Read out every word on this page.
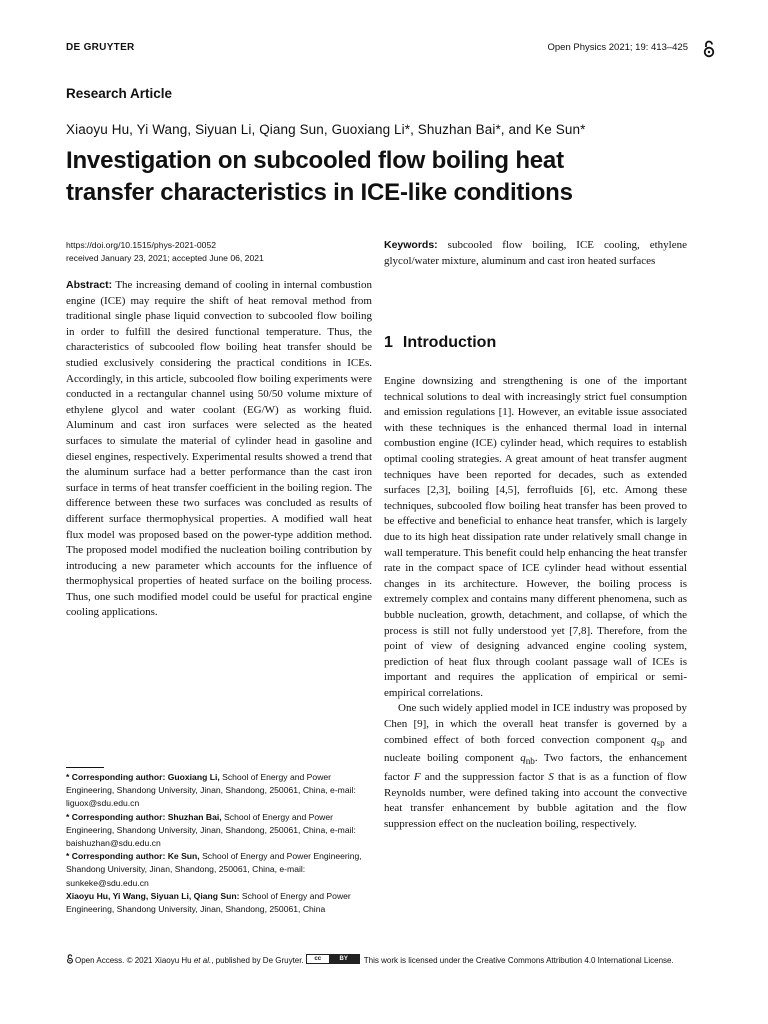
DE GRUYTER	Open Physics 2021; 19: 413–425
Research Article
Xiaoyu Hu, Yi Wang, Siyuan Li, Qiang Sun, Guoxiang Li*, Shuzhan Bai*, and Ke Sun*
Investigation on subcooled flow boiling heat
transfer characteristics in ICE-like conditions
https://doi.org/10.1515/phys-2021-0052
received January 23, 2021; accepted June 06, 2021

Abstract: The increasing demand of cooling in internal combustion engine (ICE) may require the shift of heat removal method from traditional single phase liquid convection to subcooled flow boiling in order to fulfill the desired functional temperature. Thus, the characteristics of subcooled flow boiling heat transfer should be studied exclusively considering the practical conditions in ICEs. Accordingly, in this article, subcooled flow boiling experiments were conducted in a rectangular channel using 50/50 volume mixture of ethylene glycol and water coolant (EG/W) as working fluid. Aluminum and cast iron surfaces were selected as the heated surfaces to simulate the material of cylinder head in gasoline and diesel engines, respectively. Experimental results showed a trend that the aluminum surface had a better performance than the cast iron surface in terms of heat transfer coefficient in the boiling region. The difference between these two surfaces was concluded as results of different surface thermophysical properties. A modified wall heat flux model was proposed based on the power-type addition method. The proposed model modified the nucleation boiling contribution by introducing a new parameter which accounts for the influence of thermophysical properties of heated surface on the boiling process. Thus, one such modified model could be useful for practical engine cooling applications.

Keywords: subcooled flow boiling, ICE cooling, ethylene glycol/water mixture, aluminum and cast iron heated surfaces

1 Introduction

Engine downsizing and strengthening is one of the important technical solutions to deal with increasingly strict fuel consumption and emission regulations [1]. However, an evitable issue associated with these techniques is the enhanced thermal load in internal combustion engine (ICE) cylinder head, which requires to establish optimal cooling strategies. A great amount of heat transfer augment techniques have been reported for decades, such as extended surfaces [2,3], boiling [4,5], ferrofluids [6], etc. Among these techniques, subcooled flow boiling heat transfer has been proved to be effective and beneficial to enhance heat transfer, which is largely due to its high heat dissipation rate under relatively small change in wall temperature. This benefit could help enhancing the heat transfer rate in the compact space of ICE cylinder head without essential changes in its architecture. However, the boiling process is extremely complex and contains many different phenomena, such as bubble nucleation, growth, detachment, and collapse, of which the process is still not fully understood yet [7,8]. Therefore, from the point of view of designing advanced engine cooling system, prediction of heat flux through coolant passage wall of ICEs is important and requires the application of empirical or semi-empirical correlations.

One such widely applied model in ICE industry was proposed by Chen [9], in which the overall heat transfer is governed by a combined effect of both forced convection component $q_{sp}$ and nucleate boiling component $q_{nb}$. Two factors, the enhancement factor F and the suppression factor S that is as a function of flow Reynolds number, were defined taking into account the convective heat transfer enhancement by bubble agitation and the flow suppression effect on the nucleation boiling, respectively.

* Corresponding author: Guoxiang Li, School of Energy and Power Engineering, Shandong University, Jinan, Shandong, 250061, China, e-mail: liguox@sdu.edu.cn
* Corresponding author: Shuzhan Bai, School of Energy and Power Engineering, Shandong University, Jinan, Shandong, 250061, China, e-mail: baishuzhan@sdu.edu.cn
* Corresponding author: Ke Sun, School of Energy and Power Engineering, Shandong University, Jinan, Shandong, 250061, China, e-mail: sunkeke@sdu.edu.cn
Xiaoyu Hu, Yi Wang, Siyuan Li, Qiang Sun: School of Energy and Power Engineering, Shandong University, Jinan, Shandong, 250061, China
Open Access. © 2021 Xiaoyu Hu et al., published by De Gruyter.	cc	BY	This work is licensed under the Creative Commons Attribution 4.0 International License.
